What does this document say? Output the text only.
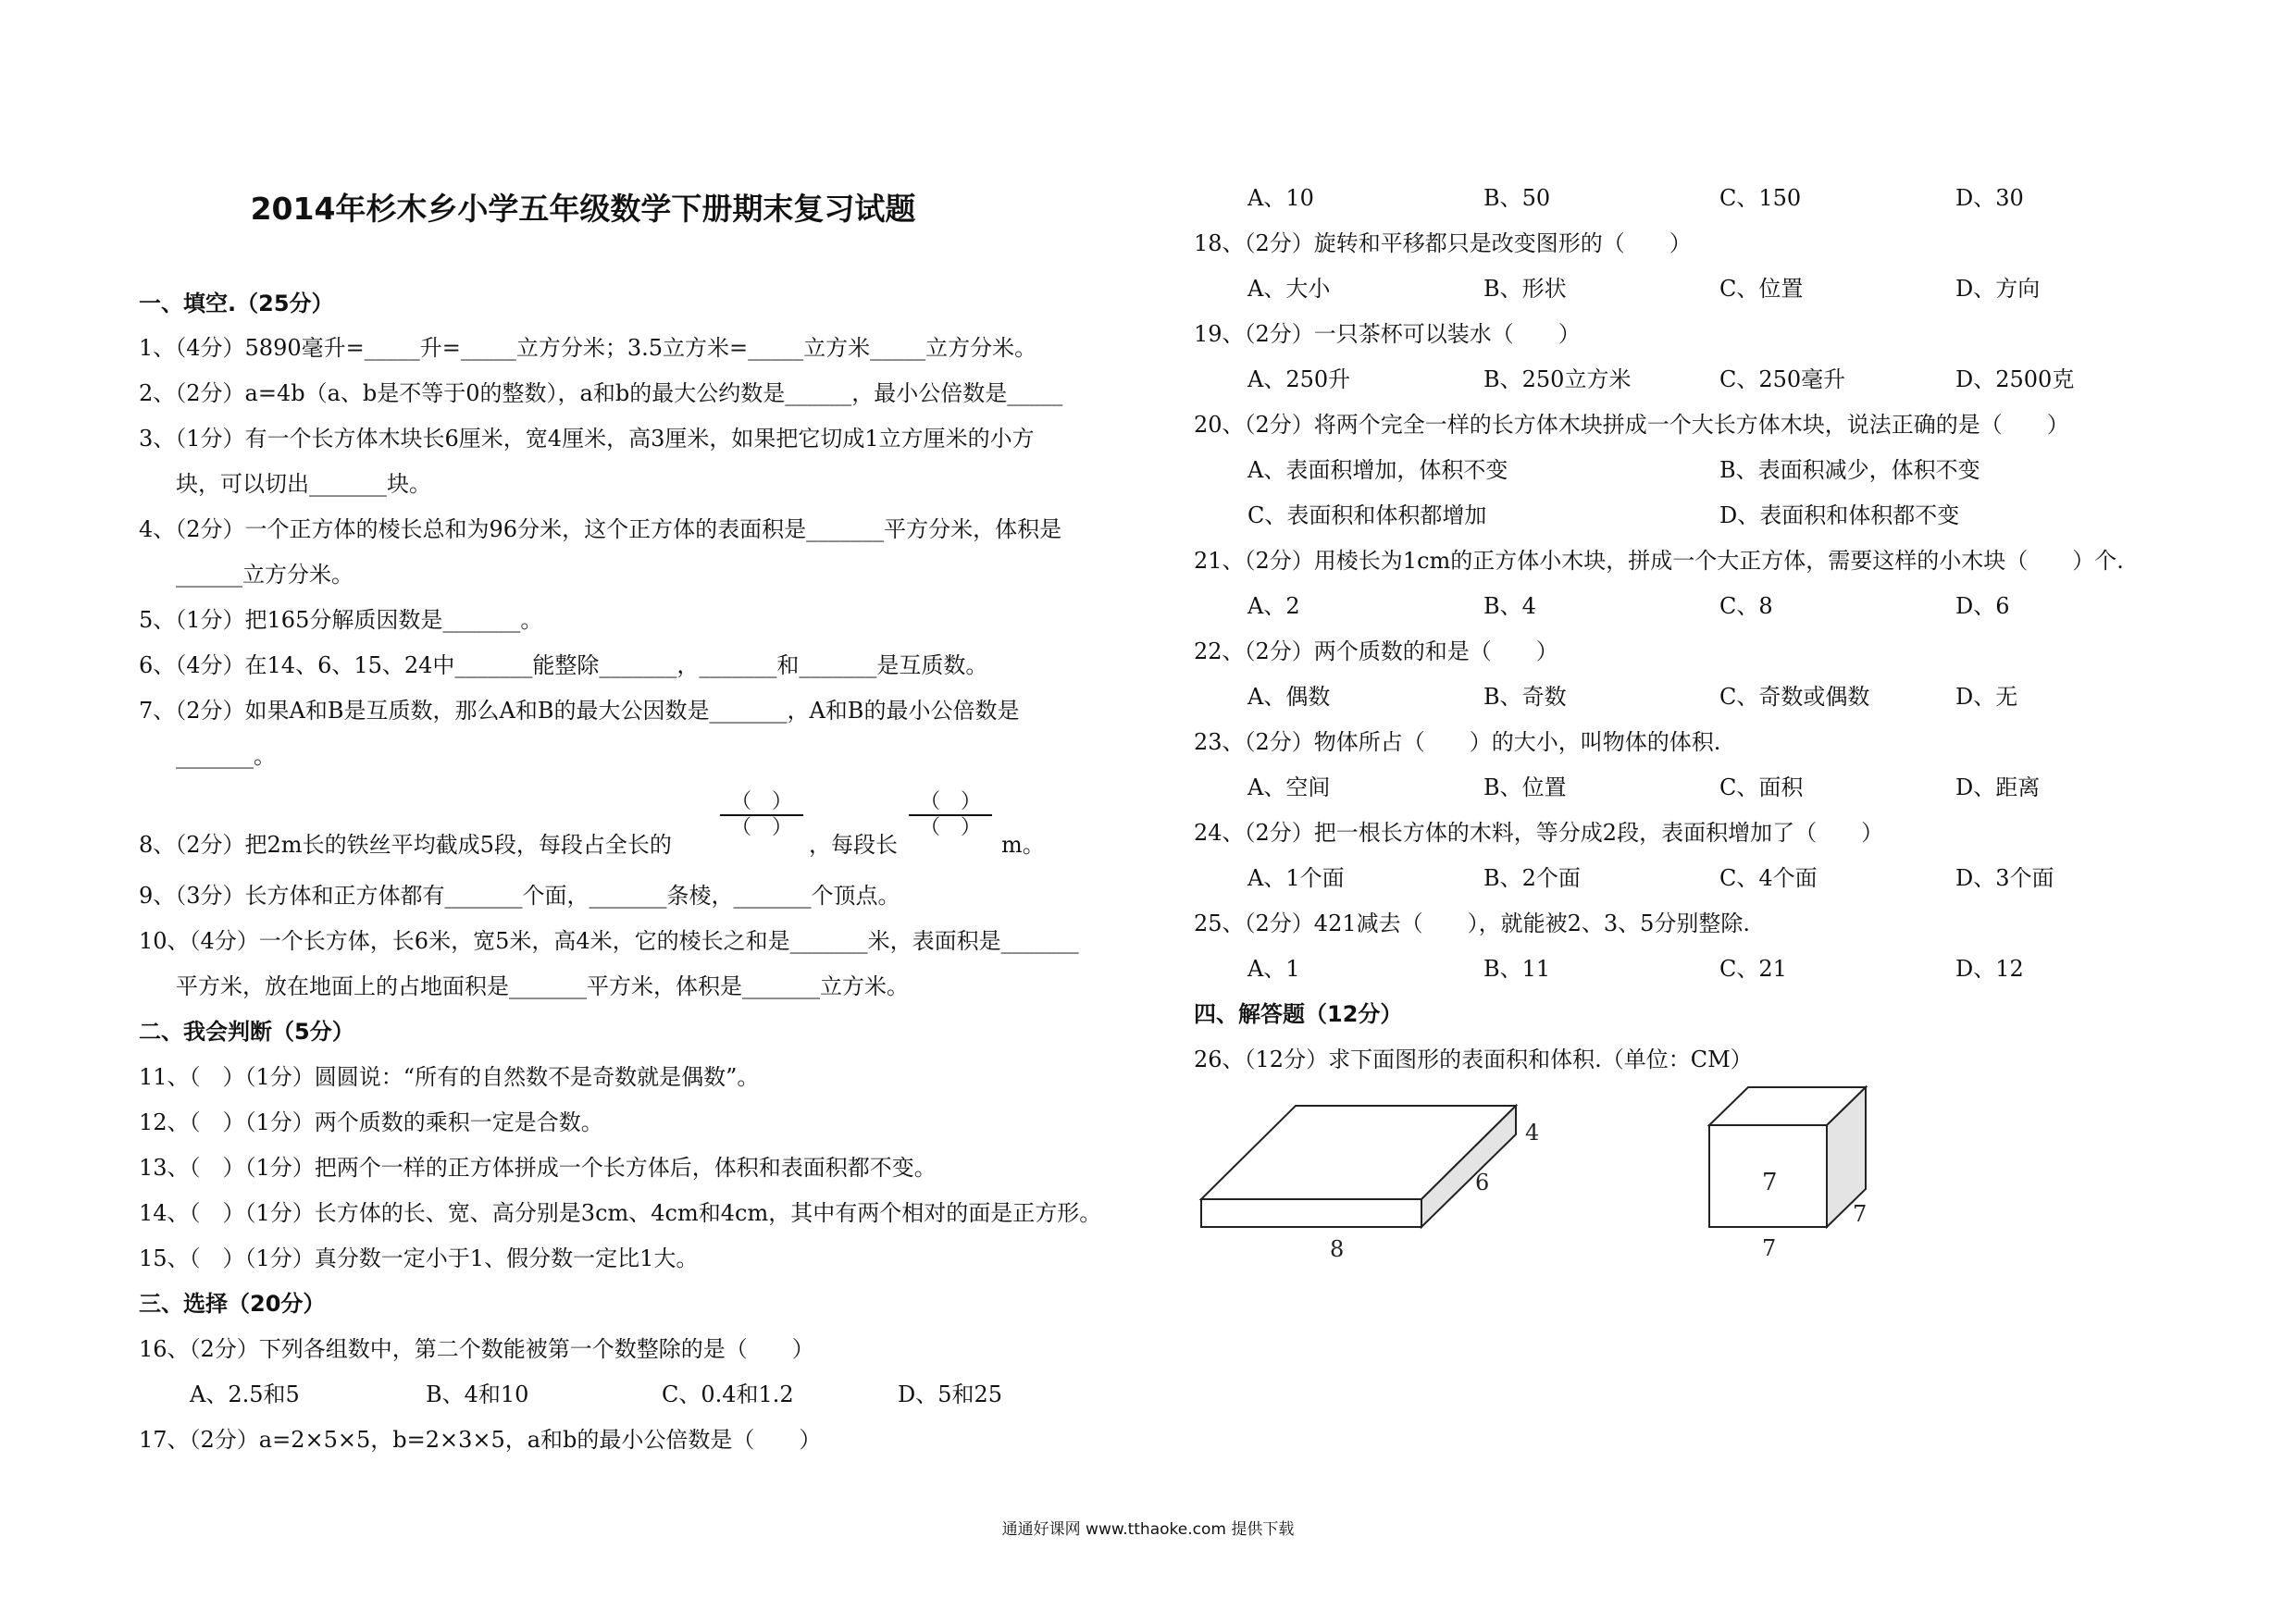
2014年杉木乡小学五年级数学下册期末复习试题
一、填空.（25分）
1、（4分）5890毫升=_____升=_____立方分米；3.5立方米=_____立方米_____立方分米。
2、（2分）a=4b（a、b是不等于0的整数），a和b的最大公约数是______，最小公倍数是_____
3、（1分）有一个长方体木块长6厘米，宽4厘米，高3厘米，如果把它切成1立方厘米的小方
块，可以切出_______块。
4、（2分）一个正方体的棱长总和为96分米，这个正方体的表面积是_______平方分米，体积是
______立方分米。
5、（1分）把165分解质因数是_______。
6、（4分）在14、6、15、24中_______能整除_______，_______和_______是互质数。
7、（2分）如果A和B是互质数，那么A和B的最大公因数是_______，A和B的最小公倍数是
_______。
8、（2分）把2m长的铁丝平均截成5段，每段占全长的
（　）
（　）
，每段长
（　）
（　）
m。
9、（3分）长方体和正方体都有_______个面，_______条棱，_______个顶点。
10、（4分）一个长方体，长6米，宽5米，高4米，它的棱长之和是_______米，表面积是_______
平方米，放在地面上的占地面积是_______平方米，体积是_______立方米。
二、我会判断（5分）
11、（　）（1分）圆圆说：“所有的自然数不是奇数就是偶数”。
12、（　）（1分）两个质数的乘积一定是合数。
13、（　）（1分）把两个一样的正方体拼成一个长方体后，体积和表面积都不变。
14、（　）（1分）长方体的长、宽、高分别是3cm、4cm和4cm，其中有两个相对的面是正方形。
15、（　）（1分）真分数一定小于1、假分数一定比1大。
三、选择（20分）
16、（2分）下列各组数中，第二个数能被第一个数整除的是（　　）
A、2.5和5	B、4和10	C、0.4和1.2	D、5和25
17、（2分）a=2×5×5，b=2×3×5，a和b的最小公倍数是（　　）
A、10	B、50	C、150	D、30
18、（2分）旋转和平移都只是改变图形的（　　）
A、大小	B、形状	C、位置	D、方向
19、（2分）一只茶杯可以装水（　　）
A、250升	B、250立方米	C、250毫升	D、2500克
20、（2分）将两个完全一样的长方体木块拼成一个大长方体木块，说法正确的是（　　）
A、表面积增加，体积不变	B、表面积减少，体积不变
C、表面积和体积都增加	D、表面积和体积都不变
21、（2分）用棱长为1cm的正方体小木块，拼成一个大正方体，需要这样的小木块（　　）个.
A、2	B、4	C、8	D、6
22、（2分）两个质数的和是（　　）
A、偶数	B、奇数	C、奇数或偶数	D、无
23、（2分）物体所占（　　）的大小，叫物体的体积.
A、空间	B、位置	C、面积	D、距离
24、（2分）把一根长方体的木料，等分成2段，表面积增加了（　　）
A、1个面	B、2个面	C、4个面	D、3个面
25、（2分）421减去（　　），就能被2、3、5分别整除.
A、1	B、11	C、21	D、12
四、解答题（12分）
26、（12分）求下面图形的表面积和体积.（单位：CM）
4
6
8
7
7
7
通通好课网 www.tthaoke.com 提供下载
